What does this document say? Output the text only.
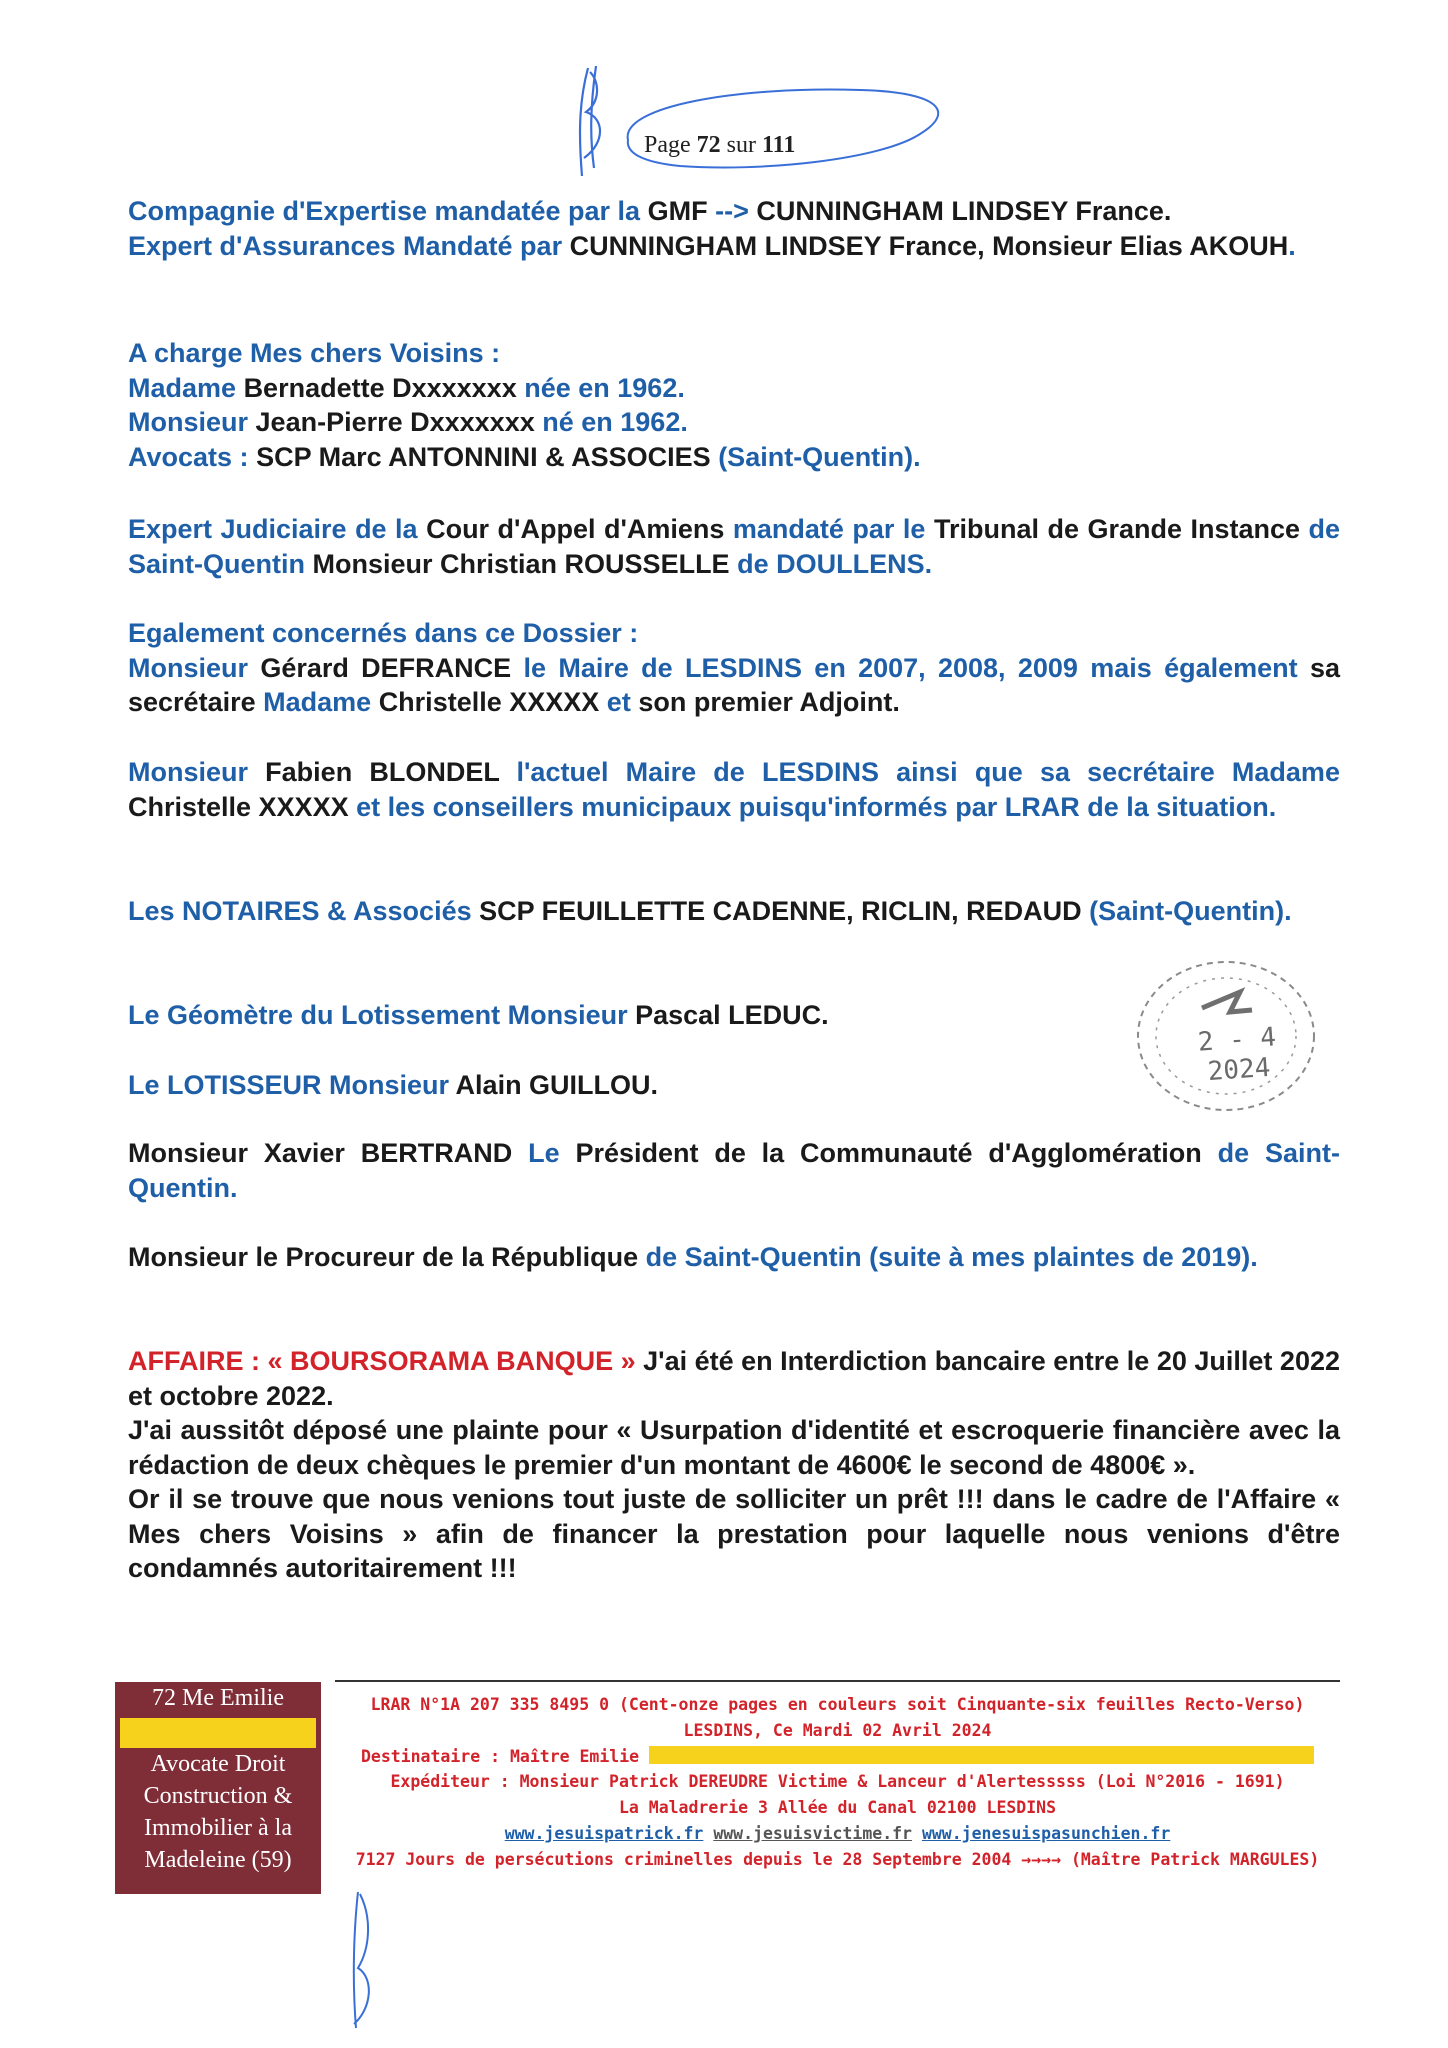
Page 72 sur 111

Compagnie d'Expertise mandatée par la GMF --> CUNNINGHAM LINDSEY France.

Expert d'Assurances Mandaté par CUNNINGHAM LINDSEY France, Monsieur Elias AKOUH.

A charge Mes chers Voisins :

Madame Bernadette Dxxxxxxx née en 1962.

Monsieur Jean-Pierre Dxxxxxxx né en 1962.

Avocats : SCP Marc ANTONNINI & ASSOCIES (Saint-Quentin).

Expert Judiciaire de la Cour d'Appel d'Amiens mandaté par le Tribunal de Grande Instance de Saint-Quentin Monsieur Christian ROUSSELLE de DOULLENS.

Egalement concernés dans ce Dossier :

Monsieur Gérard DEFRANCE le Maire de LESDINS en 2007, 2008, 2009 mais également sa secrétaire Madame Christelle XXXXX et son premier Adjoint.

Monsieur Fabien BLONDEL l'actuel Maire de LESDINS ainsi que sa secrétaire Madame Christelle XXXXX et les conseillers municipaux puisqu'informés par LRAR de la situation.

Les NOTAIRES & Associés SCP FEUILLETTE CADENNE, RICLIN, REDAUD (Saint-Quentin).

Le Géomètre du Lotissement Monsieur Pascal LEDUC.

Le LOTISSEUR Monsieur Alain GUILLOU.

Monsieur Xavier BERTRAND Le Président de la Communauté d'Agglomération de Saint-Quentin.

Monsieur le Procureur de la République de Saint-Quentin (suite à mes plaintes de 2019).

AFFAIRE : « BOURSORAMA BANQUE » J'ai été en Interdiction bancaire entre le 20 Juillet 2022 et octobre 2022.

J'ai aussitôt déposé une plainte pour « Usurpation d'identité et escroquerie financière avec la rédaction de deux chèques le premier d'un montant de 4600€ le second de 4800€ ».

Or il se trouve que nous venions tout juste de solliciter un prêt !!! dans le cadre de l'Affaire « Mes chers Voisins » afin de financer la prestation pour laquelle nous venions d'être condamnés autoritairement !!!

2 - 4
2024
72 Me Emilie
Avocate Droit
Construction &
Immobilier à la
Madeleine (59)
LRAR N°1A 207 335 8495 0 (Cent-onze pages en couleurs soit Cinquante-six feuilles Recto-Verso)
LESDINS, Ce Mardi 02 Avril 2024
Destinataire : Maître Emilie
Expéditeur : Monsieur Patrick DEREUDRE Victime & Lanceur d'Alertesssss (Loi N°2016 - 1691)
La Maladrerie 3 Allée du Canal 02100 LESDINS
www.jesuispatrick.fr www.jesuisvictime.fr www.jenesuispasunchien.fr
7127 Jours de persécutions criminelles depuis le 28 Septembre 2004 →→→→ (Maître Patrick MARGULES)
